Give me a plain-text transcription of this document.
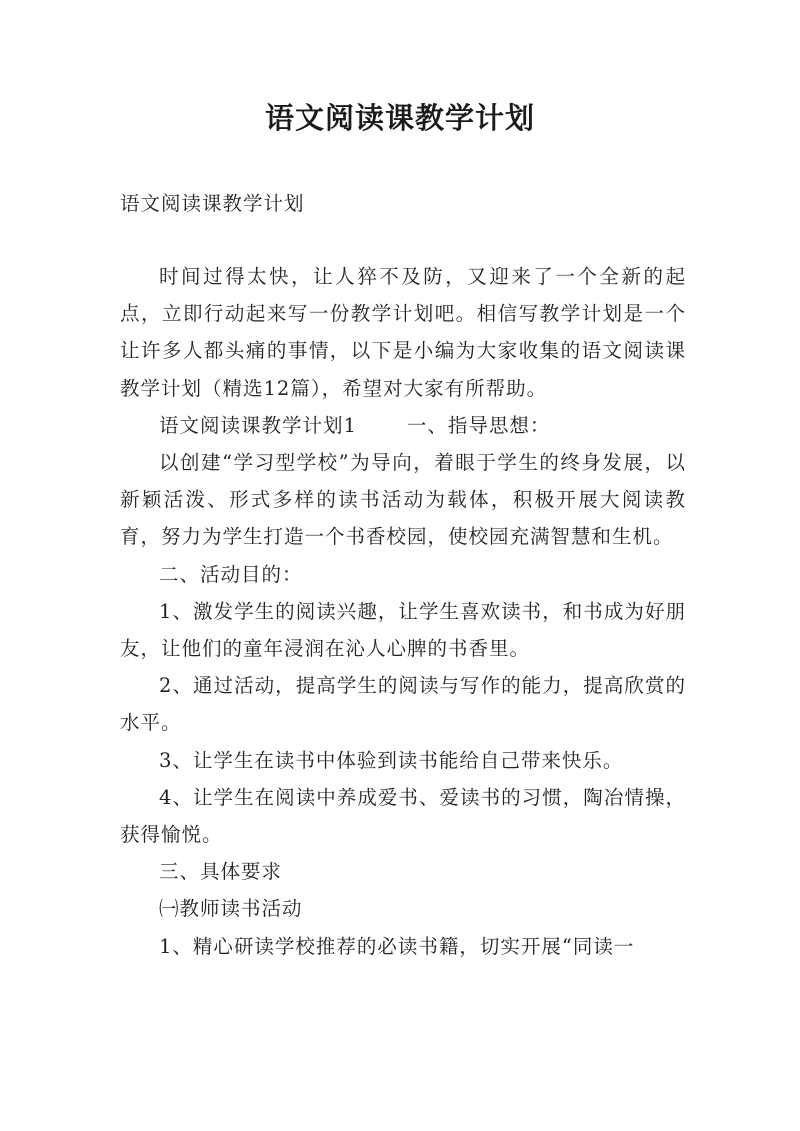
语文阅读课教学计划
语文阅读课教学计划

时间过得太快，让人猝不及防，又迎来了一个全新的起点，立即行动起来写一份教学计划吧。相信写教学计划是一个让许多人都头痛的事情，以下是小编为大家收集的语文阅读课教学计划（精选12篇），希望对大家有所帮助。

语文阅读课教学计划1	一、指导思想：

以创建“学习型学校”为导向，着眼于学生的终身发展，以新颖活泼、形式多样的读书活动为载体，积极开展大阅读教育，努力为学生打造一个书香校园，使校园充满智慧和生机。

二、活动目的：

1、激发学生的阅读兴趣，让学生喜欢读书，和书成为好朋友，让他们的童年浸润在沁人心脾的书香里。

2、通过活动，提高学生的阅读与写作的能力，提高欣赏的水平。

3、让学生在读书中体验到读书能给自己带来快乐。

4、让学生在阅读中养成爱书、爱读书的习惯，陶冶情操，获得愉悦。

三、具体要求

㈠教师读书活动

1、精心研读学校推荐的必读书籍，切实开展“同读一
